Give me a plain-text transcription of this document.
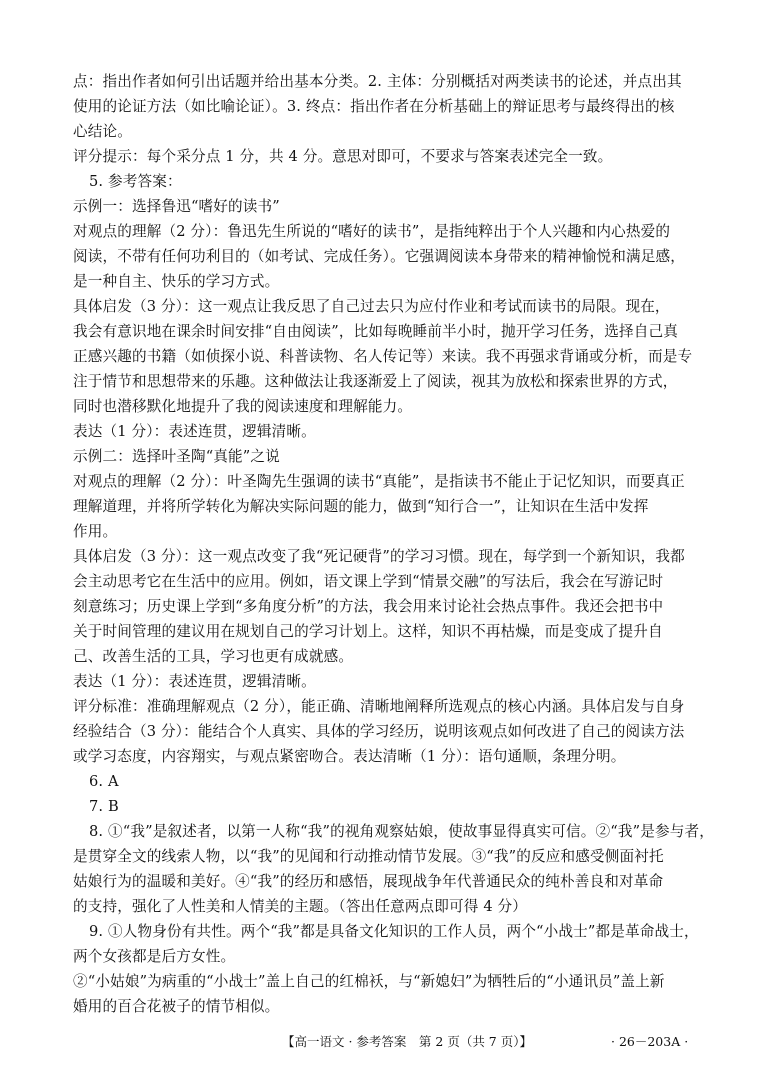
点：指出作者如何引出话题并给出基本分类。2. 主体：分别概括对两类读书的论述，并点出其
使用的论证方法（如比喻论证）。3. 终点：指出作者在分析基础上的辩证思考与最终得出的核
心结论。
评分提示：每个采分点 1 分，共 4 分。意思对即可，不要求与答案表述完全一致。
5. 参考答案：
示例一：选择鲁迅“嗜好的读书”
对观点的理解（2 分）：鲁迅先生所说的“嗜好的读书”，是指纯粹出于个人兴趣和内心热爱的
阅读，不带有任何功利目的（如考试、完成任务）。它强调阅读本身带来的精神愉悦和满足感，
是一种自主、快乐的学习方式。
具体启发（3 分）：这一观点让我反思了自己过去只为应付作业和考试而读书的局限。现在，
我会有意识地在课余时间安排“自由阅读”，比如每晚睡前半小时，抛开学习任务，选择自己真
正感兴趣的书籍（如侦探小说、科普读物、名人传记等）来读。我不再强求背诵或分析，而是专
注于情节和思想带来的乐趣。这种做法让我逐渐爱上了阅读，视其为放松和探索世界的方式，
同时也潜移默化地提升了我的阅读速度和理解能力。
表达（1 分）：表述连贯，逻辑清晰。
示例二：选择叶圣陶“真能”之说
对观点的理解（2 分）：叶圣陶先生强调的读书“真能”，是指读书不能止于记忆知识，而要真正
理解道理，并将所学转化为解决实际问题的能力，做到“知行合一”，让知识在生活中发挥
作用。
具体启发（3 分）：这一观点改变了我“死记硬背”的学习习惯。现在，每学到一个新知识，我都
会主动思考它在生活中的应用。例如，语文课上学到“情景交融”的写法后，我会在写游记时
刻意练习；历史课上学到“多角度分析”的方法，我会用来讨论社会热点事件。我还会把书中
关于时间管理的建议用在规划自己的学习计划上。这样，知识不再枯燥，而是变成了提升自
己、改善生活的工具，学习也更有成就感。
表达（1 分）：表述连贯，逻辑清晰。
评分标准：准确理解观点（2 分），能正确、清晰地阐释所选观点的核心内涵。具体启发与自身
经验结合（3 分）：能结合个人真实、具体的学习经历，说明该观点如何改进了自己的阅读方法
或学习态度，内容翔实，与观点紧密吻合。表达清晰（1 分）：语句通顺，条理分明。
6. A
7. B
8. ①“我”是叙述者，以第一人称“我”的视角观察姑娘，使故事显得真实可信。②“我”是参与者，
是贯穿全文的线索人物，以“我”的见闻和行动推动情节发展。③“我”的反应和感受侧面衬托
姑娘行为的温暖和美好。④“我”的经历和感悟，展现战争年代普通民众的纯朴善良和对革命
的支持，强化了人性美和人情美的主题。（答出任意两点即可得 4 分）
9. ①人物身份有共性。两个“我”都是具备文化知识的工作人员，两个“小战士”都是革命战士，
两个女孩都是后方女性。
②“小姑娘”为病重的“小战士”盖上自己的红棉袄，与“新媳妇”为牺牲后的“小通讯员”盖上新
婚用的百合花被子的情节相似。
【高一语文 · 参考答案　第 2 页（共 7 页）】	· 26－203A ·
